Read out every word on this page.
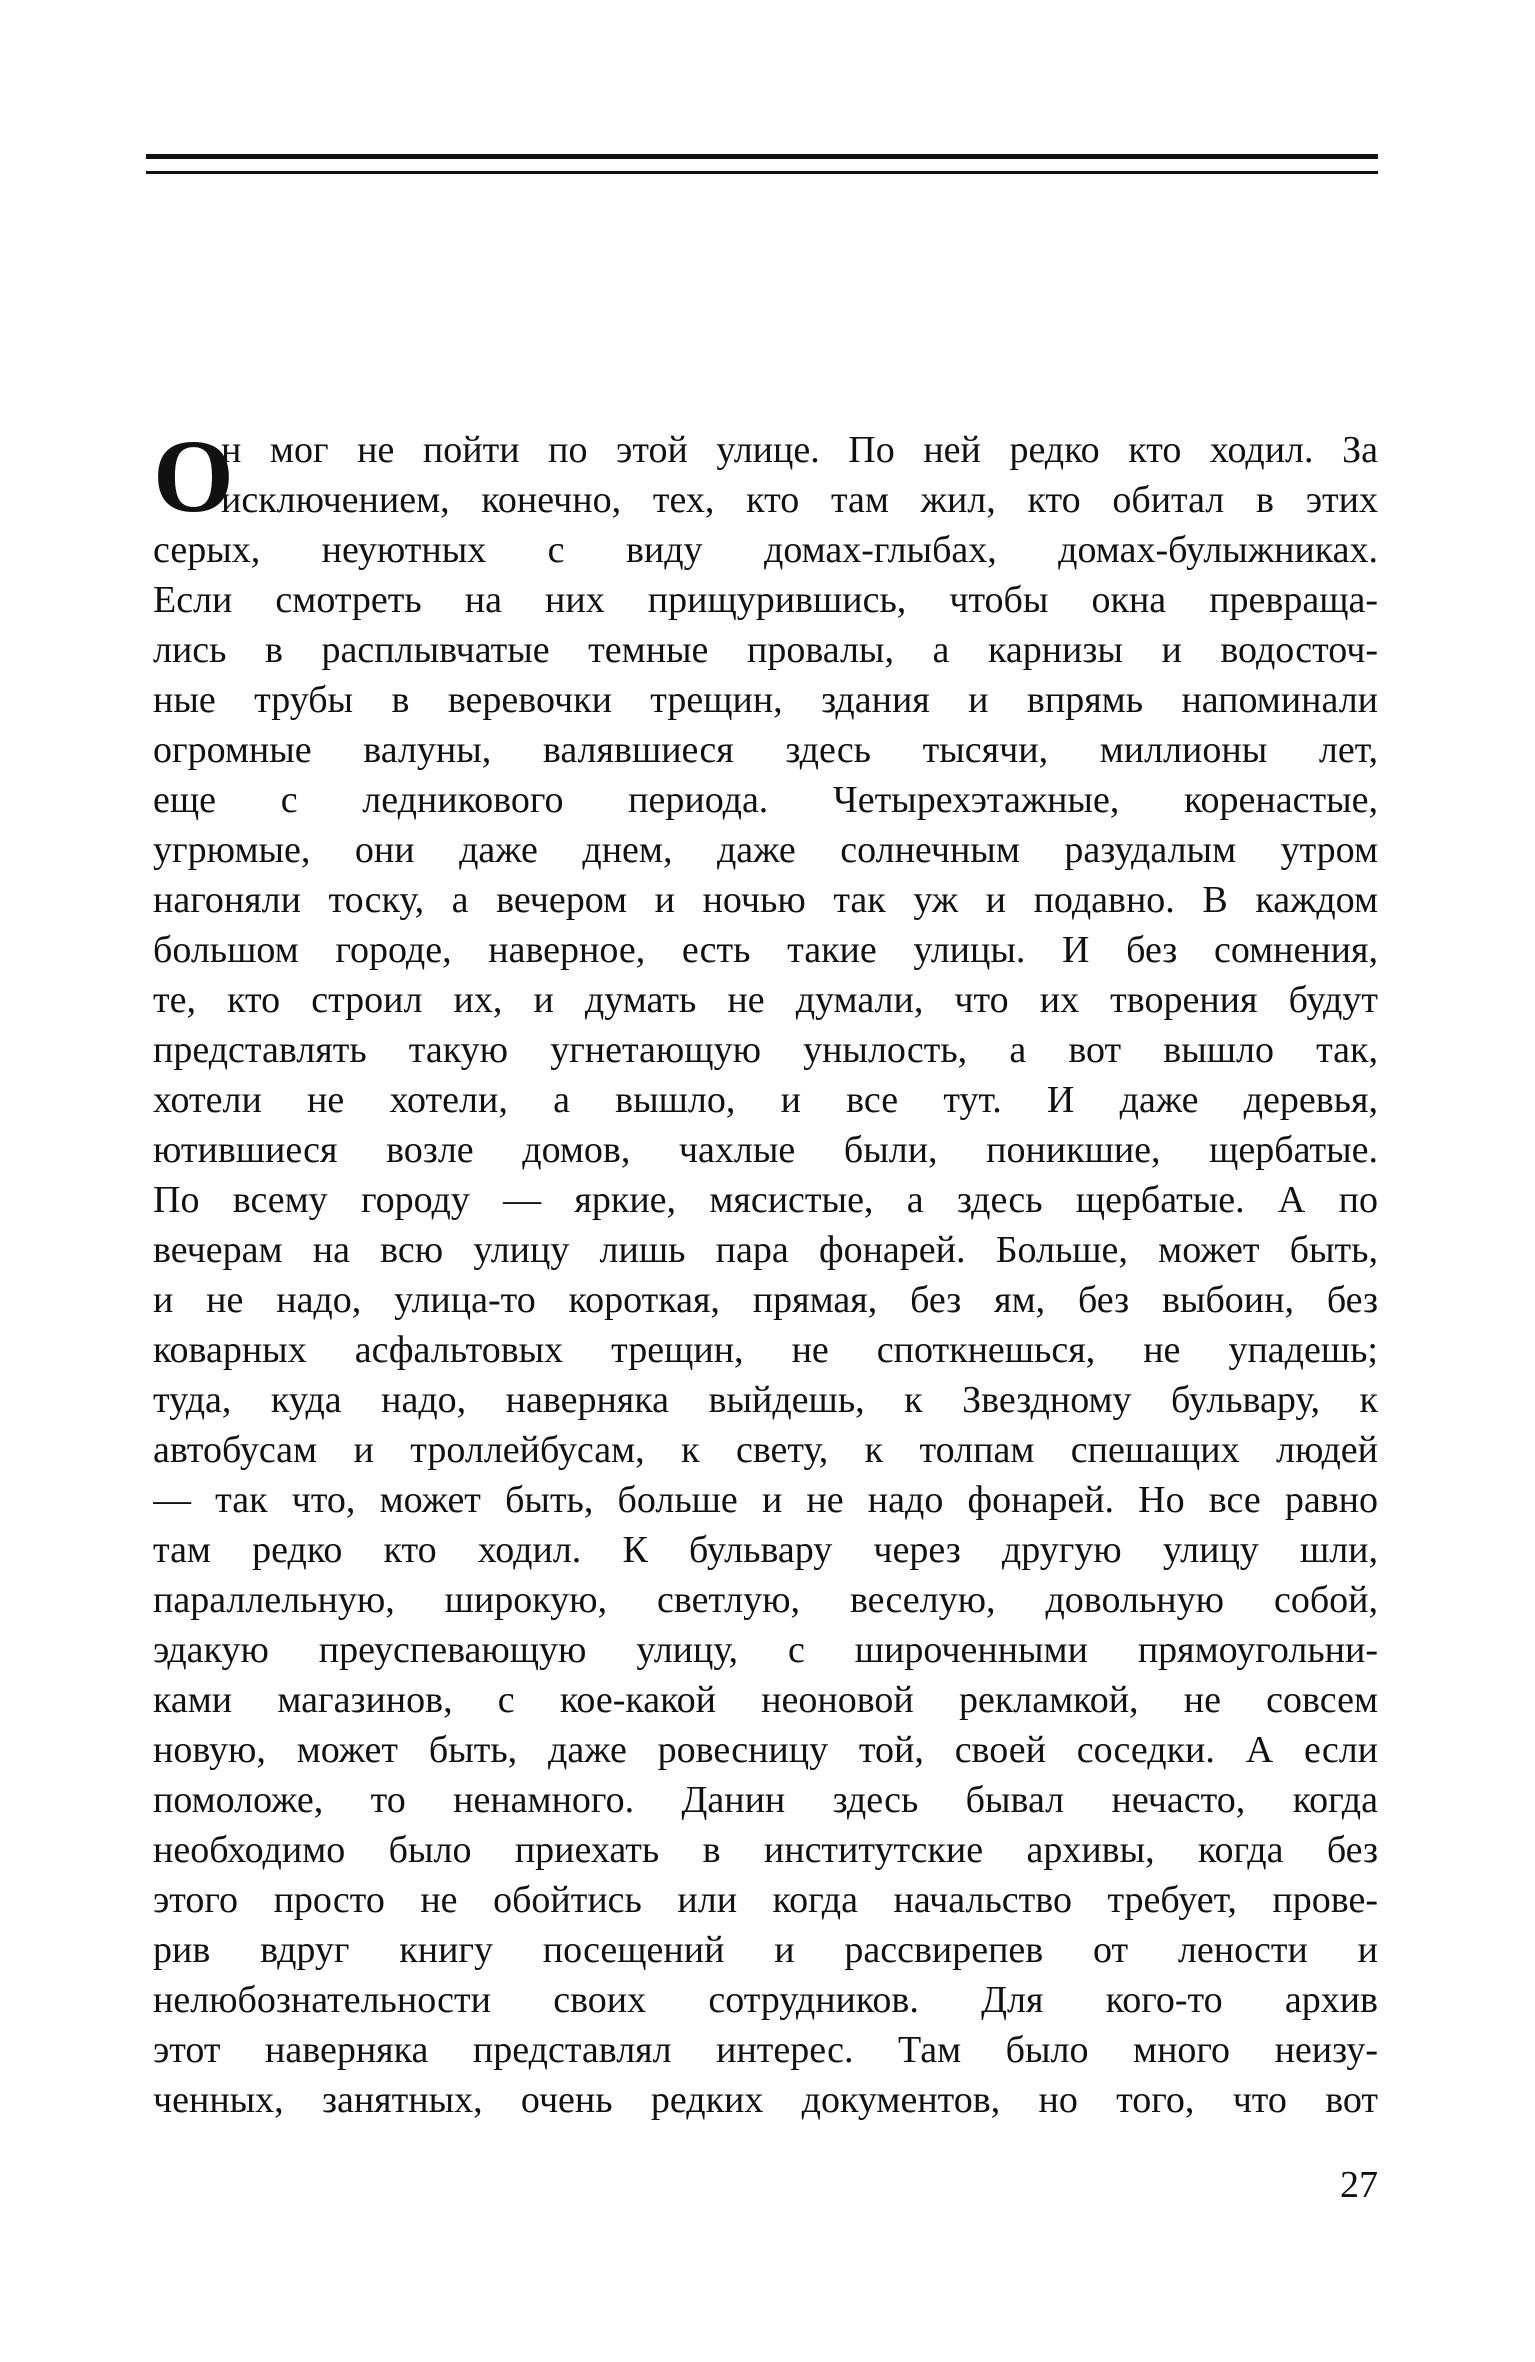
О
н мог не пойти по этой улице. По ней редко кто ходил. За
исключением, конечно, тех, кто там жил, кто обитал в этих
серых, неуютных с виду домах-глыбах, домах-булыжниках.
Если смотреть на них прищурившись, чтобы окна превраща-
лись в расплывчатые темные провалы, а карнизы и водосточ-
ные трубы в веревочки трещин, здания и впрямь напоминали
огромные валуны, валявшиеся здесь тысячи, миллионы лет,
еще с ледникового периода. Четырехэтажные, коренастые,
угрюмые, они даже днем, даже солнечным разудалым утром
нагоняли тоску, а вечером и ночью так уж и подавно. В каждом
большом городе, наверное, есть такие улицы. И без сомнения,
те, кто строил их, и думать не думали, что их творения будут
представлять такую угнетающую унылость, а вот вышло так,
хотели не хотели, а вышло, и все тут. И даже деревья,
ютившиеся возле домов, чахлые были, поникшие, щербатые.
По всему городу — яркие, мясистые, а здесь щербатые. А по
вечерам на всю улицу лишь пара фонарей. Больше, может быть,
и не надо, улица-то короткая, прямая, без ям, без выбоин, без
коварных асфальтовых трещин, не споткнешься, не упадешь;
туда, куда надо, наверняка выйдешь, к Звездному бульвару, к
автобусам и троллейбусам, к свету, к толпам спешащих людей
— так что, может быть, больше и не надо фонарей. Но все равно
там редко кто ходил. К бульвару через другую улицу шли,
параллельную, широкую, светлую, веселую, довольную собой,
эдакую преуспевающую улицу, с широченными прямоугольни-
ками магазинов, с кое-какой неоновой рекламкой, не совсем
новую, может быть, даже ровесницу той, своей соседки. А если
помоложе, то ненамного. Данин здесь бывал нечасто, когда
необходимо было приехать в институтские архивы, когда без
этого просто не обойтись или когда начальство требует, прове-
рив вдруг книгу посещений и рассвирепев от лености и
нелюбознательности своих сотрудников. Для кого-то архив
этот наверняка представлял интерес. Там было много неизу-
ченных, занятных, очень редких документов, но того, что вот
27
